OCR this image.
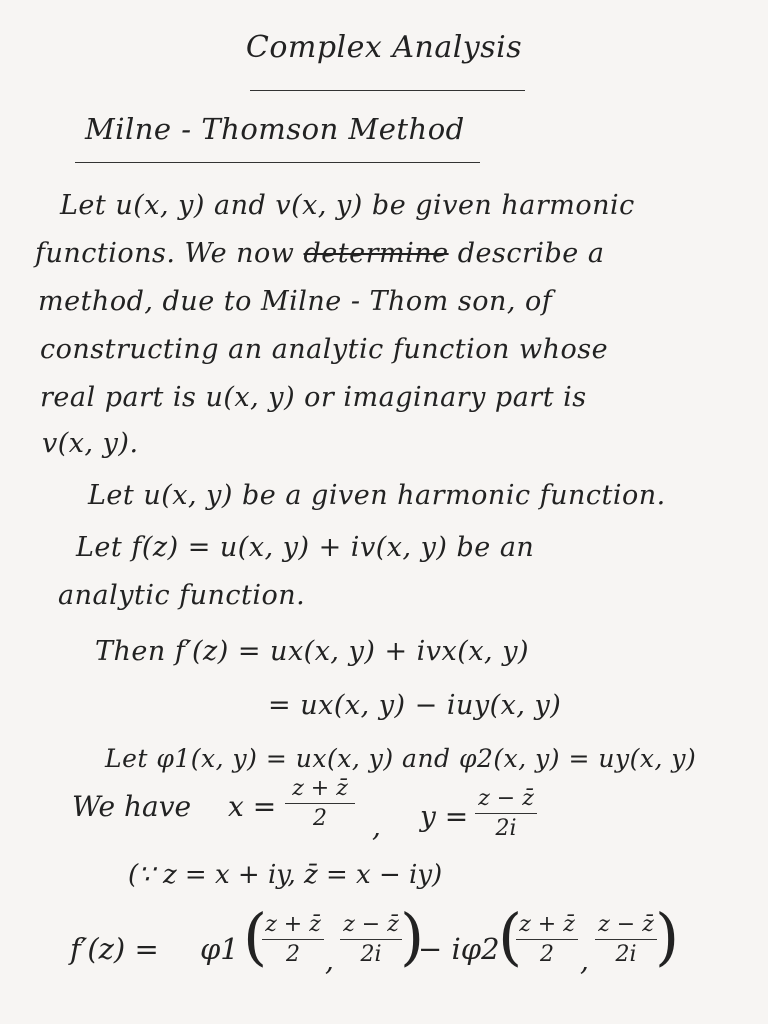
Complex Analysis
Milne - Thomson Method
Let u(x, y) and v(x, y) be given harmonic
functions. We now determine describe a
method, due to Milne - Thom son, of
constructing an analytic function whose
real part is u(x, y) or imaginary part is
v(x, y).
Let u(x, y) be a given harmonic function.
Let f(z) = u(x, y) + iv(x, y) be an
analytic function.
Then f′(z) = ux(x, y) + ivx(x, y)
= ux(x, y) − iuy(x, y)
Let φ1(x, y) = ux(x, y) and φ2(x, y) = uy(x, y)
We have $x = \frac{z + z̄}{2}$ , $y = \frac{z - z̄}{2i}$
(∵ z = x + iy, z̄ = x − iy)
f′(z) = φ1 (
$\frac{z + z̄}{2}$ , $\frac{z - z̄}{2i}$
)
− iφ2
(
$\frac{z + z̄}{2}$ , $\frac{z - z̄}{2i}$
)
